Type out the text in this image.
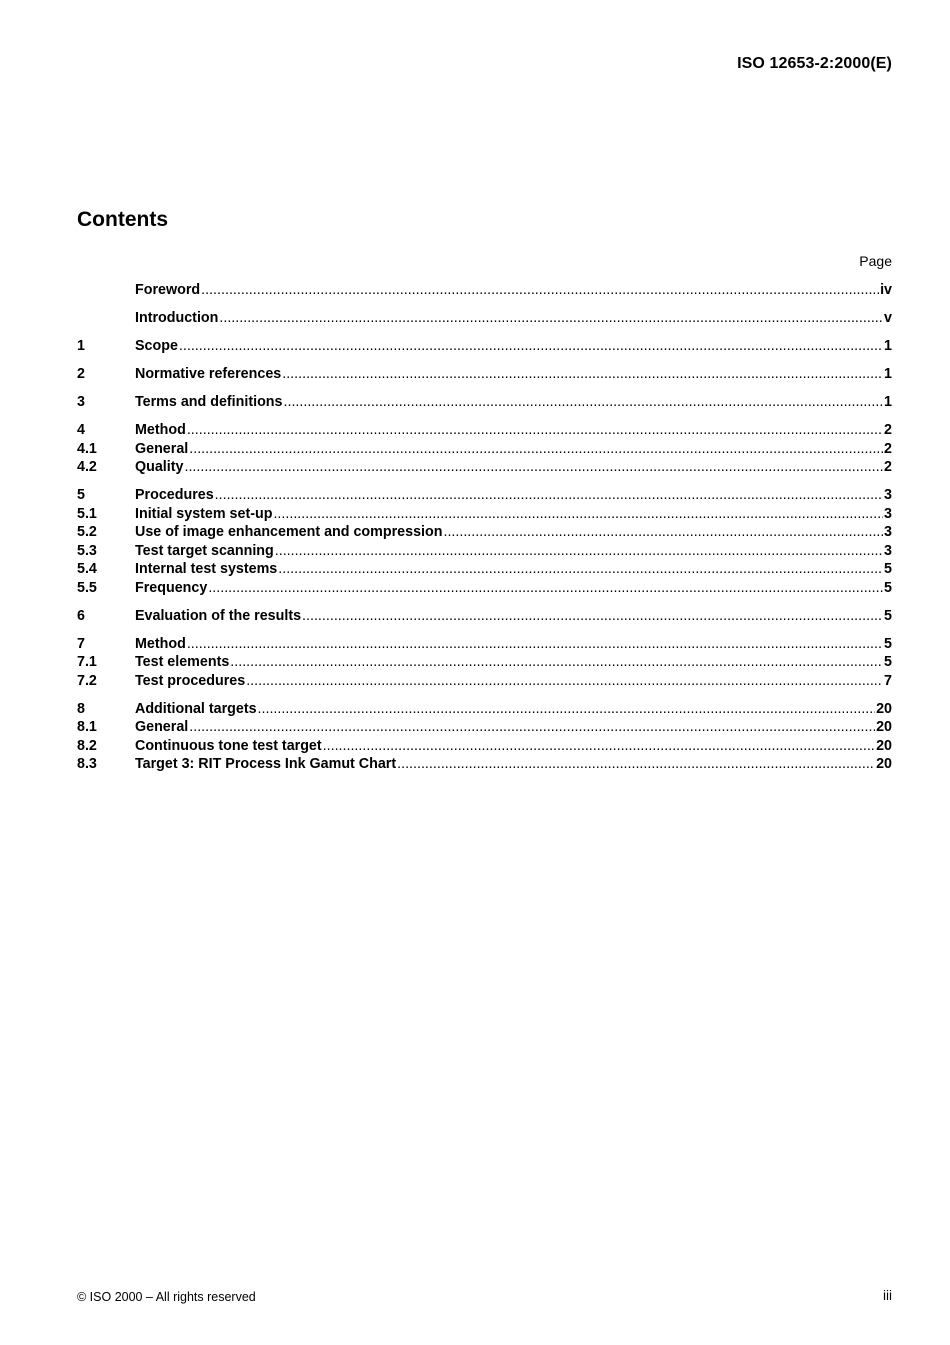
ISO 12653-2:2000(E)
Contents
Page
Foreword .....	iv
Introduction .....	v
1	Scope .....	1
2	Normative references .....	1
3	Terms and definitions .....	1
4	Method .....	2
4.1	General .....	2
4.2	Quality .....	2
5	Procedures .....	3
5.1	Initial system set-up .....	3
5.2	Use of image enhancement and compression .....	3
5.3	Test target scanning .....	3
5.4	Internal test systems .....	5
5.5	Frequency .....	5
6	Evaluation of the results .....	5
7	Method .....	5
7.1	Test elements .....	5
7.2	Test procedures .....	7
8	Additional targets .....	20
8.1	General .....	20
8.2	Continuous tone test target .....	20
8.3	Target 3: RIT Process Ink Gamut Chart .....	20
© ISO 2000 – All rights reserved	iii
